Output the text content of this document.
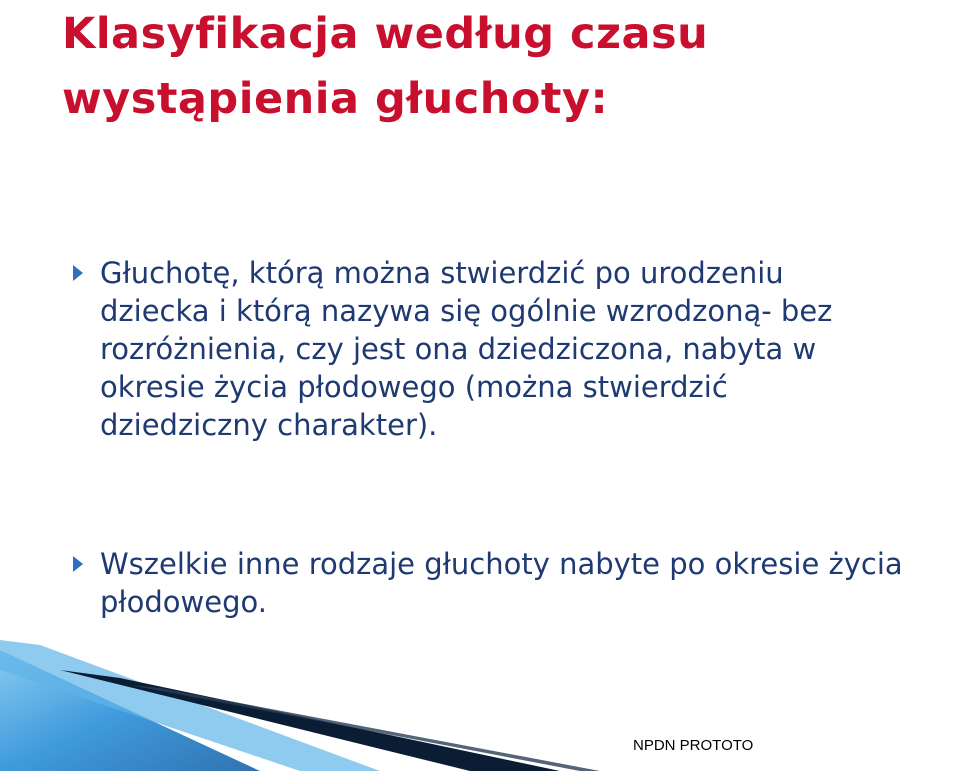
Klasyfikacja według czasu wystąpienia głuchoty:

Głuchotę, którą można stwierdzić po urodzeniu dziecka i którą nazywa się ogólnie wzrodzoną- bez rozróżnienia, czy jest ona dziedziczona, nabyta w okresie życia płodowego (można stwierdzić dziedziczny charakter).

Wszelkie inne rodzaje głuchoty nabyte po okresie życia płodowego.

NPDN PROTOTO
